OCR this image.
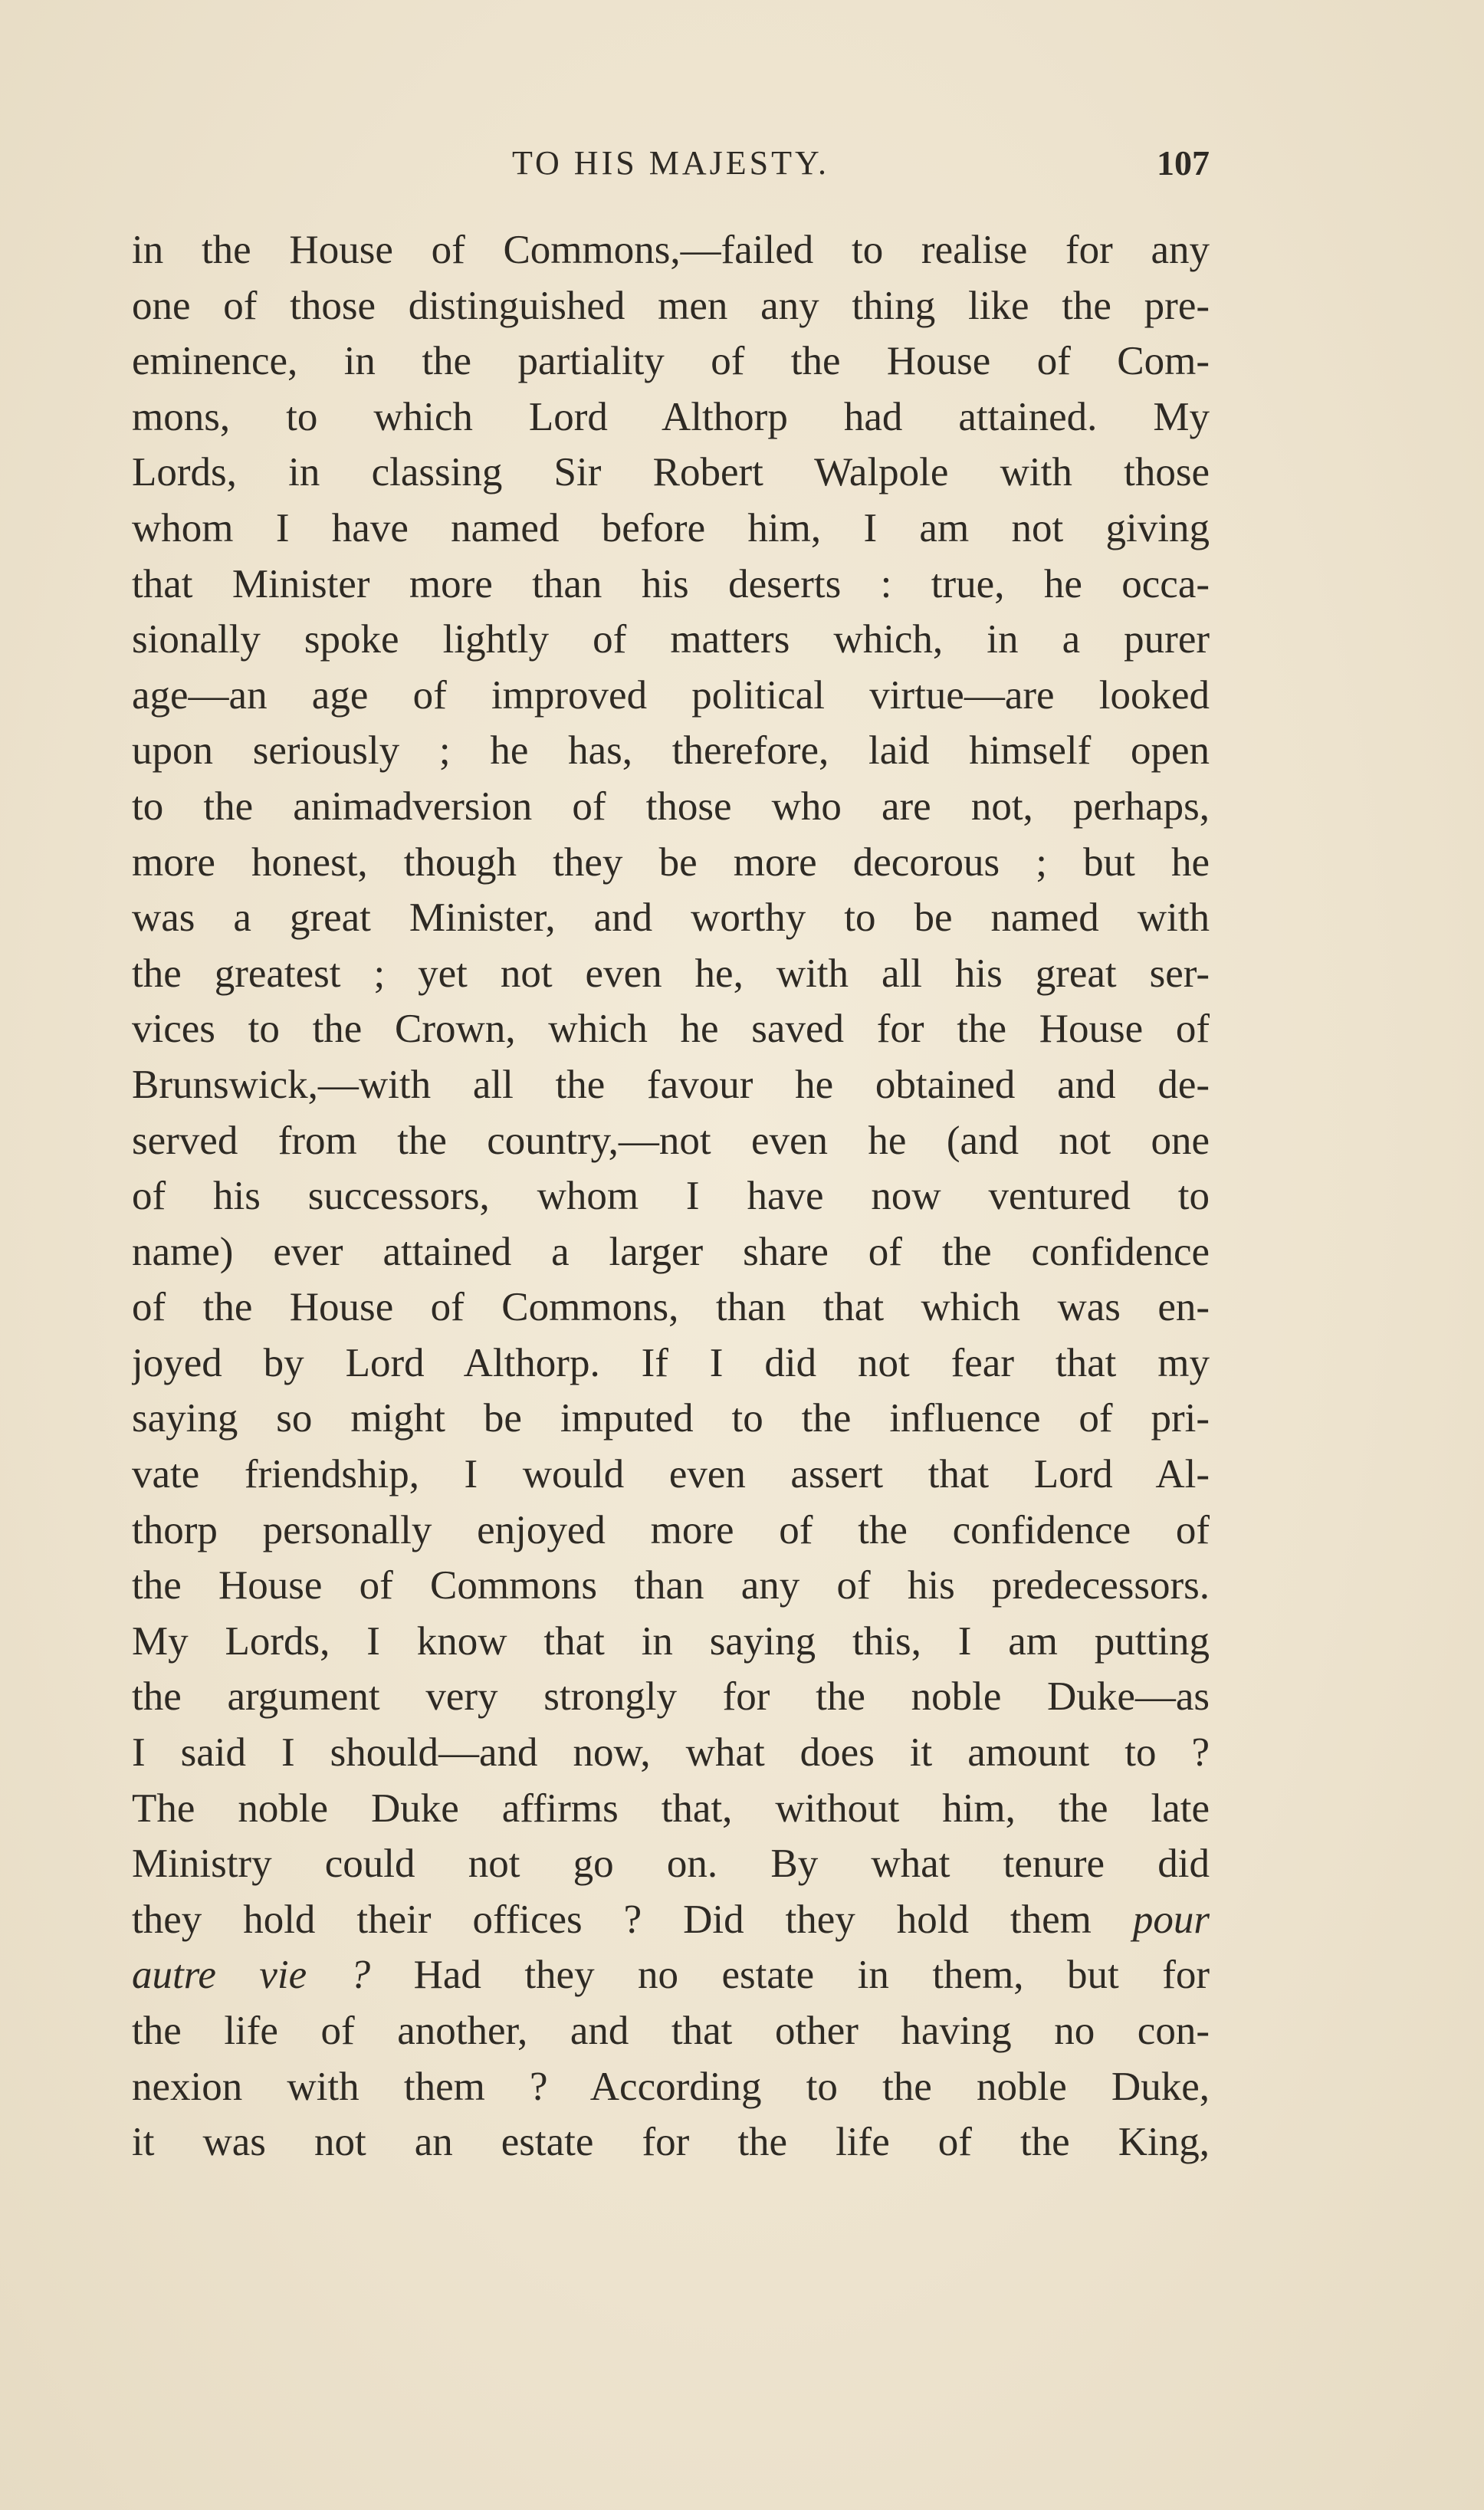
TO HIS MAJESTY.	107
in the House of Commons,—failed to realise for any
one of those distinguished men any thing like the pre-
eminence, in the partiality of the House of Com-
mons, to which Lord Althorp had attained. My
Lords, in classing Sir Robert Walpole with those
whom I have named before him, I am not giving
that Minister more than his deserts : true, he occa-
sionally spoke lightly of matters which, in a purer
age—an age of improved political virtue—are looked
upon seriously ; he has, therefore, laid himself open
to the animadversion of those who are not, perhaps,
more honest, though they be more decorous ; but he
was a great Minister, and worthy to be named with
the greatest ; yet not even he, with all his great ser-
vices to the Crown, which he saved for the House of
Brunswick,—with all the favour he obtained and de-
served from the country,—not even he (and not one
of his successors, whom I have now ventured to
name) ever attained a larger share of the confidence
of the House of Commons, than that which was en-
joyed by Lord Althorp. If I did not fear that my
saying so might be imputed to the influence of pri-
vate friendship, I would even assert that Lord Al-
thorp personally enjoyed more of the confidence of
the House of Commons than any of his predecessors.
My Lords, I know that in saying this, I am putting
the argument very strongly for the noble Duke—as
I said I should—and now, what does it amount to ?
The noble Duke affirms that, without him, the late
Ministry could not go on. By what tenure did
they hold their offices ? Did they hold them pour
autre vie ? Had they no estate in them, but for
the life of another, and that other having no con-
nexion with them ? According to the noble Duke,
it was not an estate for the life of the King,
